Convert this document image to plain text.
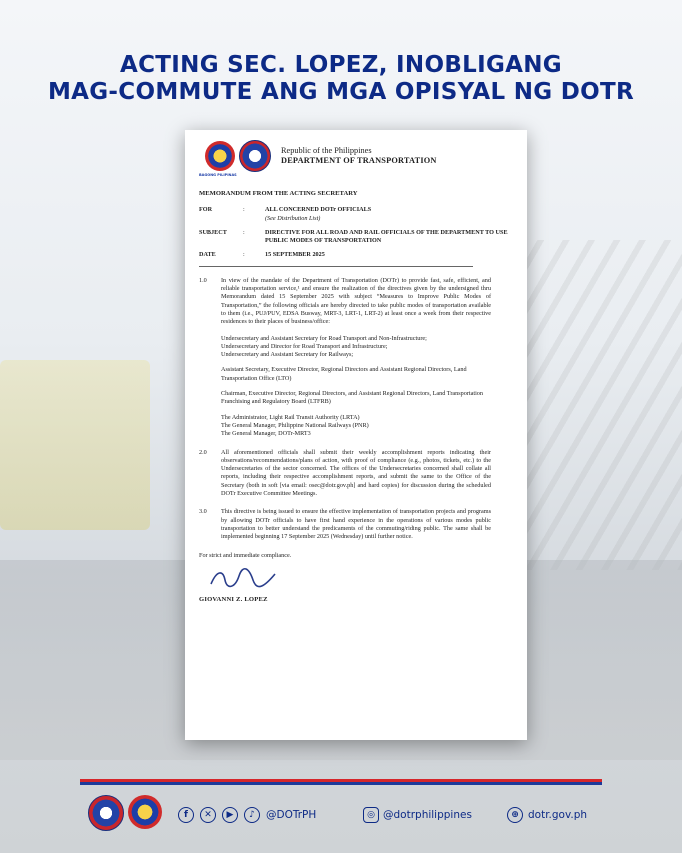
ACTING SEC. LOPEZ, INOBLIGANG
MAG-COMMUTE ANG MGA OPISYAL NG DOTR
BAGONG PILIPINAS
Republic of the Philippines
DEPARTMENT OF TRANSPORTATION
MEMORANDUM FROM THE ACTING SECRETARY
FOR	:	ALL CONCERNED DOTr OFFICIALS
(See Distribution List)
SUBJECT	:	DIRECTIVE FOR ALL ROAD AND RAIL OFFICIALS OF THE DEPARTMENT TO USE PUBLIC MODES OF TRANSPORTATION
DATE	:	15 SEPTEMBER 2025
1.0	In view of the mandate of the Department of Transportation (DOTr) to provide fast, safe, efficient, and reliable transportation service,¹ and ensure the realization of the directives given by the undersigned thru Memorandum dated 15 September 2025 with subject “Measures to Improve Public Modes of Transportation,” the following officials are hereby directed to take public modes of transportation available to them (i.e., PUJ/PUV, EDSA Busway, MRT-3, LRT-1, LRT-2) at least once a week from their respective residences to their places of business/office:

Undersecretary and Assistant Secretary for Road Transport and Non-Infrastructure;

Undersecretary and Director for Road Transport and Infrastructure;

Undersecretary and Assistant Secretary for Railways;

Assistant Secretary, Executive Director, Regional Directors and Assistant Regional Directors, Land Transportation Office (LTO)

Chairman, Executive Director, Regional Directors, and Assistant Regional Directors, Land Transportation Franchising and Regulatory Board (LTFRB)

The Administrator, Light Rail Transit Authority (LRTA)

The General Manager, Philippine National Railways (PNR)

The General Manager, DOTr-MRT3

2.0	All aforementioned officials shall submit their weekly accomplishment reports indicating their observations/recommendations/plans of action, with proof of compliance (e.g., photos, tickets, etc.) to the Undersecretaries of the sector concerned. The offices of the Undersecretaries concerned shall collate all reports, including their respective accomplishment reports, and submit the same to the Office of the Secretary (both in soft [via email: osec@dotr.gov.ph] and hard copies) for discussion during the scheduled DOTr Executive Committee Meetings.
3.0	This directive is being issued to ensure the effective implementation of transportation projects and programs by allowing DOTr officials to have first hand experience in the operations of various modes public transportation to better understand the predicaments of the commuting/riding public. The same shall be implemented beginning 17 September 2025 (Wednesday) until further notice.
For strict and immediate compliance.
GIOVANNI Z. LOPEZ
f	✕	▶	♪	@DOTrPH	◎ @dotrphilippines	⊕ dotr.gov.ph
